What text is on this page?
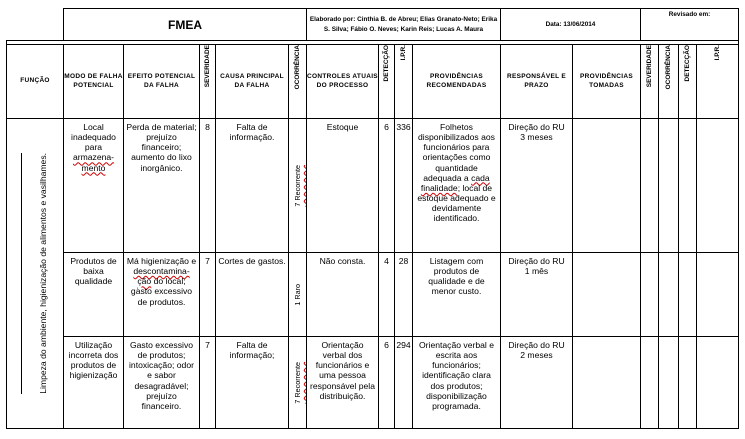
	FMEA					Elaborado por: Cinthia B. de Abreu; Elias Granato-Neto; Erika S. Silva; Fábio O. Neves; Karin Reis; Lucas A. Maura				Data: 13/06/2014		Revisado em:			

FUNÇÃO	MODO DE FALHA POTENCIAL	EFEITO POTENCIAL DA FALHA	SEVERIDADE	CAUSA PRINCIPAL DA FALHA	OCORRÊNCIA	CONTROLES ATUAIS DO PROCESSO	DETECÇÃO	I.P.R.	PROVIDÊNCIAS RECOMENDADAS	RESPONSÁVEL E PRAZO	PROVIDÊNCIAS TOMADAS	SEVERIDADE	OCORRÊNCIA	DETECÇÃO	I.P.R.

Limpeza do ambiente, higienização de alimentos e vasilhames.	Local inadequado para armazena- mento	Perda de material; prejuízo financeiro; aumento do lixo inorgânico.	8	Falta de informação.	7 Recorrente	Estoque	6	336	Folhetos disponibilizados aos funcionários para orientações como quantidade adequada a cada finalidade; local de estoque adequado e devidamente identificado.	Direção do RU
3 meses					

	Produtos de baixa qualidade	Má higienização e descontamina- ção do local; gasto excessivo de produtos.	7	Cortes de gastos.	1 Raro	Não consta.	4	28	Listagem com produtos de qualidade e de menor custo.	Direção do RU
1 mês					

	Utilização incorreta dos produtos de higienização	Gasto excessivo de produtos; intoxicação; odor e sabor desagradável; prejuízo financeiro.	7	Falta de informação;	7 Recorrente	Orientação verbal dos funcionários e uma pessoa responsável pela distribuição.	6	294	Orientação verbal e escrita aos funcionários; identificação clara dos produtos; disponibilização programada.	Direção do RU
2 meses					
